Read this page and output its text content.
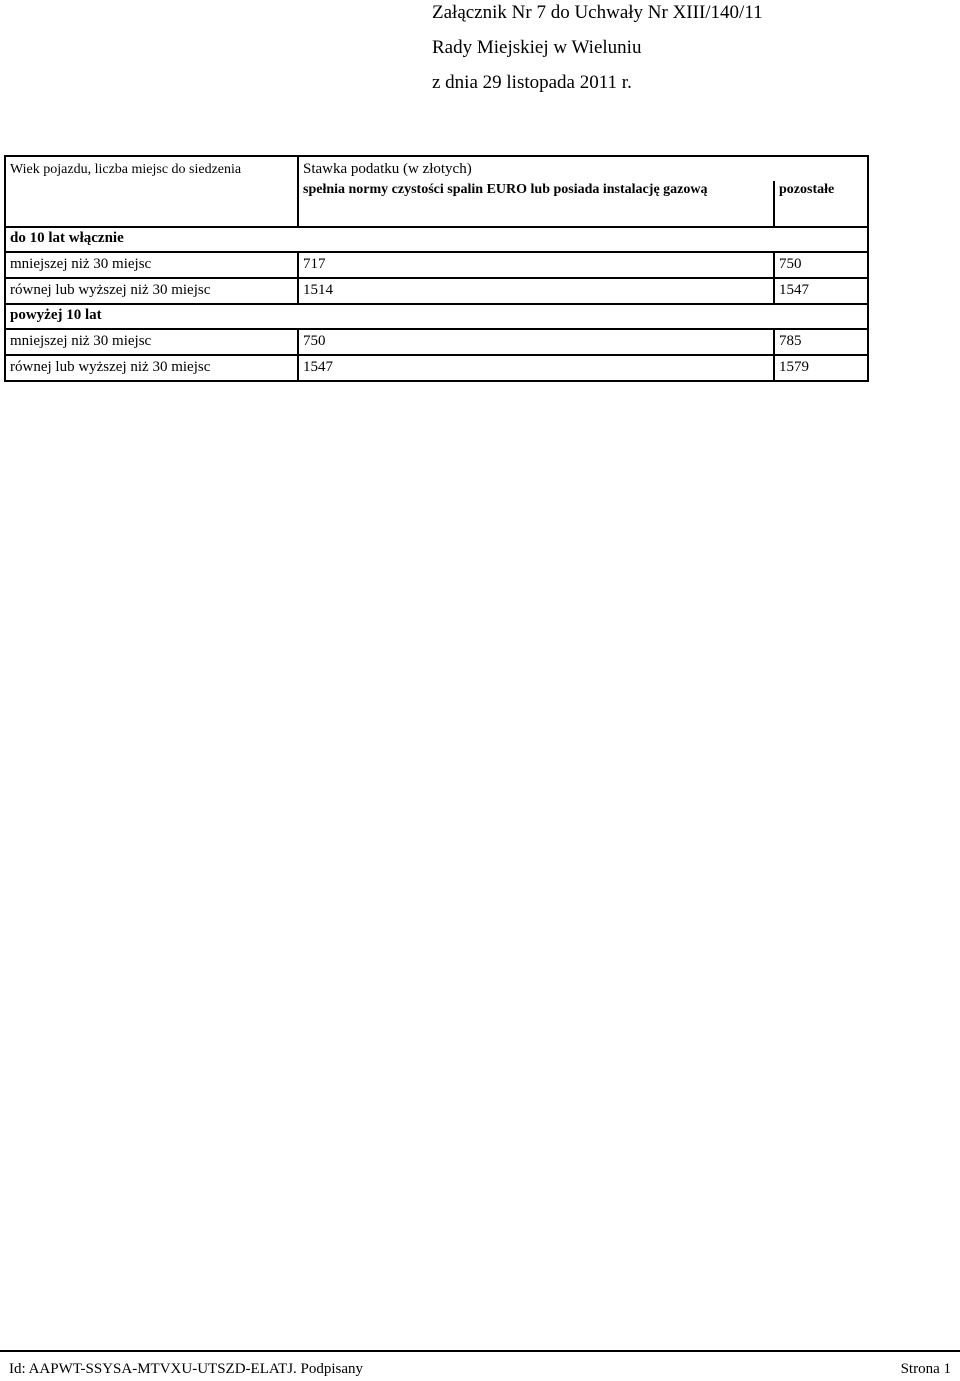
Załącznik Nr 7 do Uchwały Nr XIII/140/11
Rady Miejskiej w Wieluniu
z dnia 29 listopada 2011 r.
Wiek pojazdu, liczba miejsc do siedzenia	Stawka podatku (w złotych)	
	spełnia normy czystości spalin EURO lub posiada instalację gazową	pozostałe
do 10 lat włącznie		
mniejszej niż 30 miejsc	717	750
równej lub wyższej niż 30 miejsc	1514	1547
powyżej 10 lat		
mniejszej niż 30 miejsc	750	785
równej lub wyższej niż 30 miejsc	1547	1579
Id: AAPWT-SSYSA-MTVXU-UTSZD-ELATJ. Podpisany	Strona 1
